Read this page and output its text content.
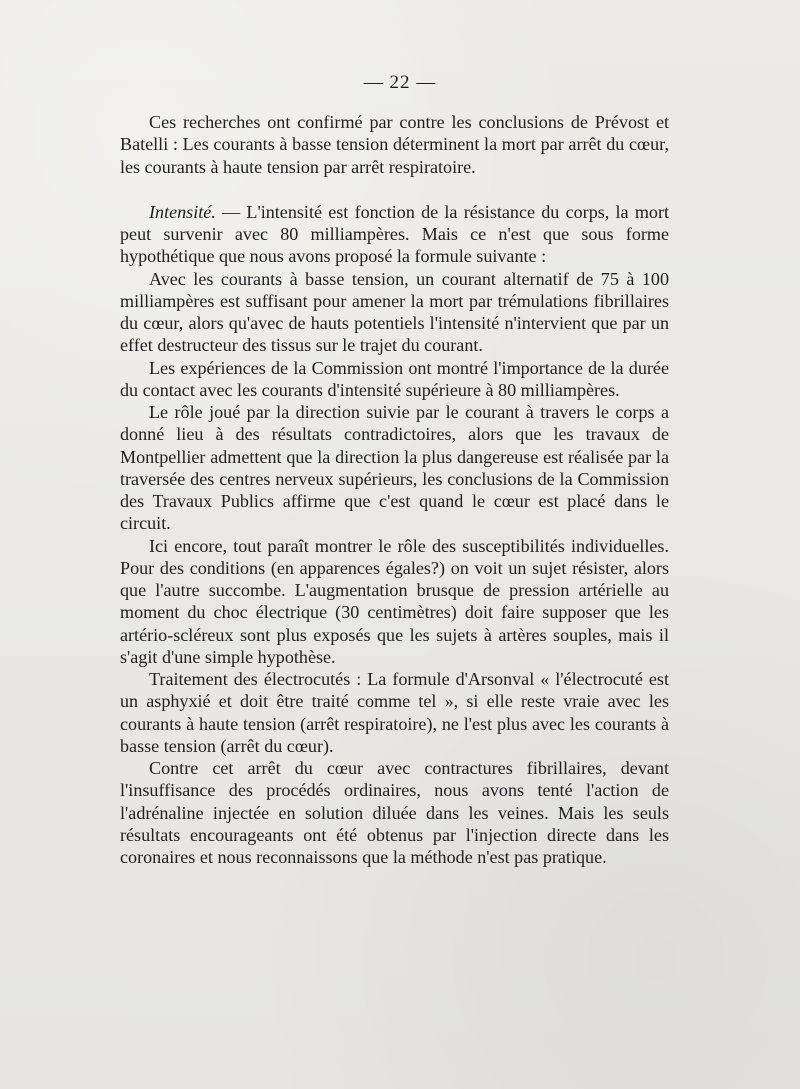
— 22 —

Ces recherches ont confirmé par contre les conclusions de Prévost et Batelli : Les courants à basse tension déterminent la mort par arrêt du cœur, les courants à haute tension par arrêt respiratoire.

Intensité. — L'intensité est fonction de la résistance du corps, la mort peut survenir avec 80 milliampères. Mais ce n'est que sous forme hypothétique que nous avons proposé la formule suivante :

Avec les courants à basse tension, un courant alternatif de 75 à 100 milliampères est suffisant pour amener la mort par trémulations fibrillaires du cœur, alors qu'avec de hauts potentiels l'intensité n'intervient que par un effet destructeur des tissus sur le trajet du courant.

Les expériences de la Commission ont montré l'importance de la durée du contact avec les courants d'intensité supérieure à 80 milliampères.

Le rôle joué par la direction suivie par le courant à travers le corps a donné lieu à des résultats contradictoires, alors que les travaux de Montpellier admettent que la direction la plus dangereuse est réalisée par la traversée des centres nerveux supérieurs, les conclusions de la Commission des Travaux Publics affirme que c'est quand le cœur est placé dans le circuit.

Ici encore, tout paraît montrer le rôle des susceptibilités individuelles. Pour des conditions (en apparences égales?) on voit un sujet résister, alors que l'autre succombe. L'augmentation brusque de pression artérielle au moment du choc électrique (30 centimètres) doit faire supposer que les artério-scléreux sont plus exposés que les sujets à artères souples, mais il s'agit d'une simple hypothèse.

Traitement des électrocutés : La formule d'Arsonval « l'électrocuté est un asphyxié et doit être traité comme tel », si elle reste vraie avec les courants à haute tension (arrêt respiratoire), ne l'est plus avec les courants à basse tension (arrêt du cœur).

Contre cet arrêt du cœur avec contractures fibrillaires, devant l'insuffisance des procédés ordinaires, nous avons tenté l'action de l'adrénaline injectée en solution diluée dans les veines. Mais les seuls résultats encourageants ont été obtenus par l'injection directe dans les coronaires et nous reconnaissons que la méthode n'est pas pratique.
